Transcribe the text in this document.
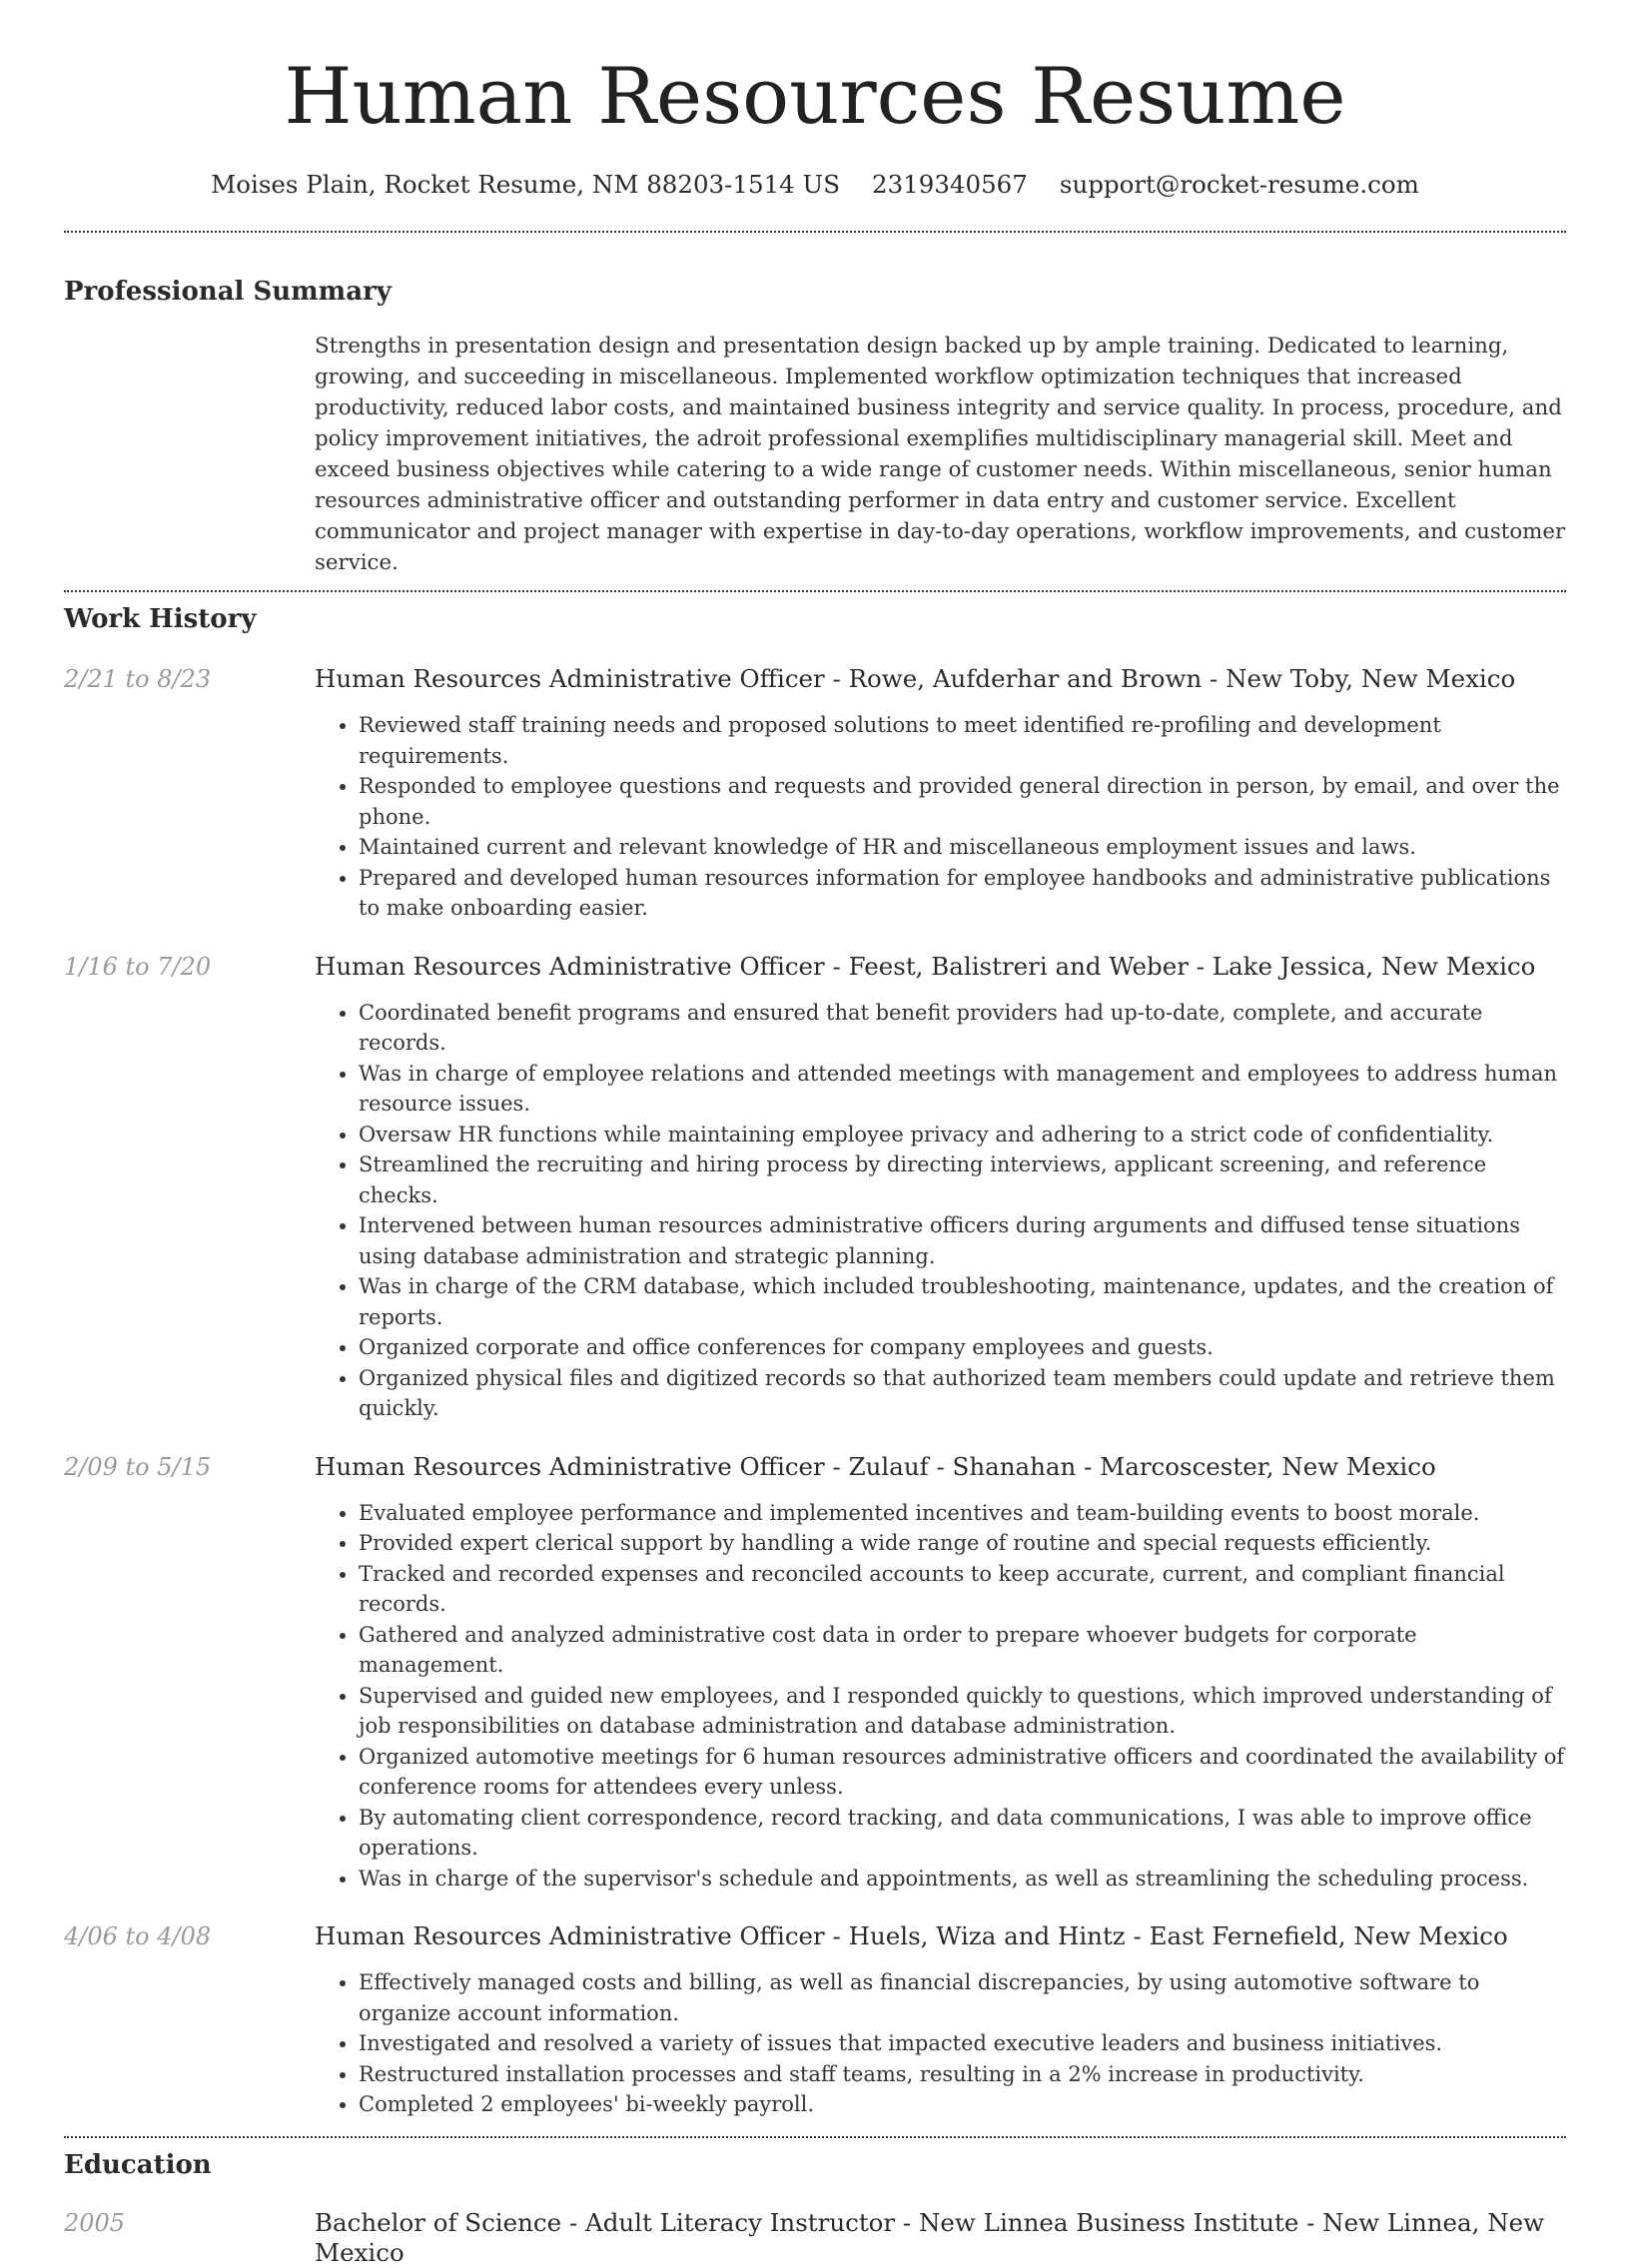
Human Resources Resume
Moises Plain, Rocket Resume, NM 88203-1514 US 2319340567 support@rocket-resume.com
Professional Summary
Strengths in presentation design and presentation design backed up by ample training. Dedicated to learning, growing, and succeeding in miscellaneous. Implemented workflow optimization techniques that increased productivity, reduced labor costs, and maintained business integrity and service quality. In process, procedure, and policy improvement initiatives, the adroit professional exemplifies multidisciplinary managerial skill. Meet and exceed business objectives while catering to a wide range of customer needs. Within miscellaneous, senior human resources administrative officer and outstanding performer in data entry and customer service. Excellent communicator and project manager with expertise in day-to-day operations, workflow improvements, and customer service.
Work History
2/21 to 8/23	Human Resources Administrative Officer - Rowe, Aufderhar and Brown - New Toby, New Mexico
• Reviewed staff training needs and proposed solutions to meet identified re-profiling and development requirements.
• Responded to employee questions and requests and provided general direction in person, by email, and over the phone.
• Maintained current and relevant knowledge of HR and miscellaneous employment issues and laws.
• Prepared and developed human resources information for employee handbooks and administrative publications to make onboarding easier.
1/16 to 7/20	Human Resources Administrative Officer - Feest, Balistreri and Weber - Lake Jessica, New Mexico
• Coordinated benefit programs and ensured that benefit providers had up-to-date, complete, and accurate records.
• Was in charge of employee relations and attended meetings with management and employees to address human resource issues.
• Oversaw HR functions while maintaining employee privacy and adhering to a strict code of confidentiality.
• Streamlined the recruiting and hiring process by directing interviews, applicant screening, and reference checks.
• Intervened between human resources administrative officers during arguments and diffused tense situations using database administration and strategic planning.
• Was in charge of the CRM database, which included troubleshooting, maintenance, updates, and the creation of reports.
• Organized corporate and office conferences for company employees and guests.
• Organized physical files and digitized records so that authorized team members could update and retrieve them quickly.
2/09 to 5/15	Human Resources Administrative Officer - Zulauf - Shanahan - Marcoscester, New Mexico
• Evaluated employee performance and implemented incentives and team-building events to boost morale.
• Provided expert clerical support by handling a wide range of routine and special requests efficiently.
• Tracked and recorded expenses and reconciled accounts to keep accurate, current, and compliant financial records.
• Gathered and analyzed administrative cost data in order to prepare whoever budgets for corporate management.
• Supervised and guided new employees, and I responded quickly to questions, which improved understanding of job responsibilities on database administration and database administration.
• Organized automotive meetings for 6 human resources administrative officers and coordinated the availability of conference rooms for attendees every unless.
• By automating client correspondence, record tracking, and data communications, I was able to improve office operations.
• Was in charge of the supervisor's schedule and appointments, as well as streamlining the scheduling process.
4/06 to 4/08	Human Resources Administrative Officer - Huels, Wiza and Hintz - East Fernefield, New Mexico
• Effectively managed costs and billing, as well as financial discrepancies, by using automotive software to organize account information.
• Investigated and resolved a variety of issues that impacted executive leaders and business initiatives.
• Restructured installation processes and staff teams, resulting in a 2% increase in productivity.
• Completed 2 employees' bi-weekly payroll.
Education
2005	Bachelor of Science - Adult Literacy Instructor - New Linnea Business Institute - New Linnea, New Mexico
